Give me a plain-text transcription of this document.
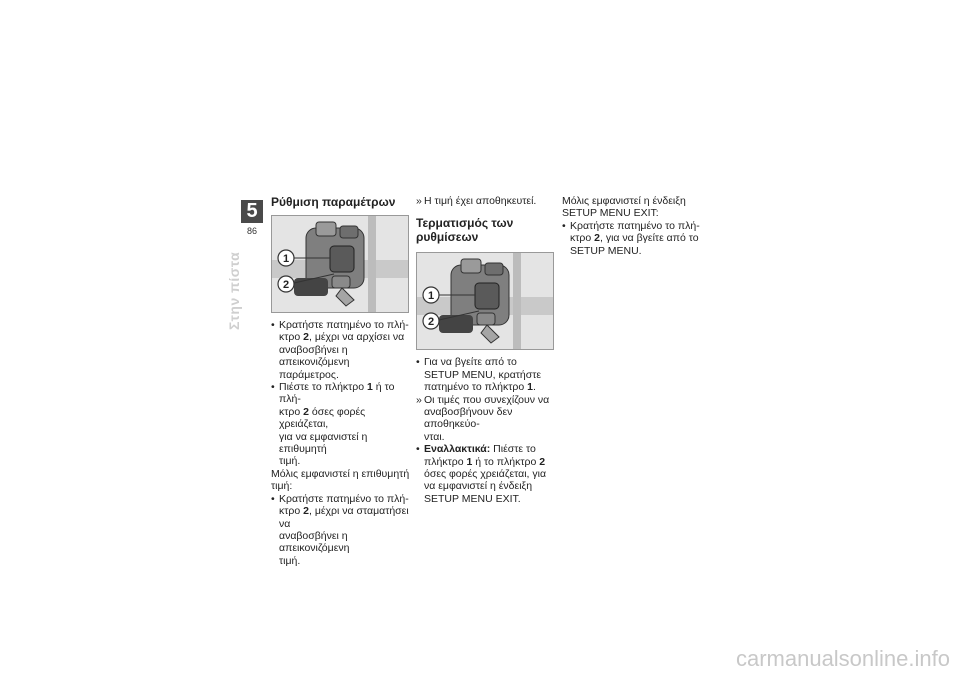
5
86
Στην πίστα
Ρύθμιση παραμέτρων
1
2
• Κρατήστε πατημένο το πλή-
κτρο 2, μέχρι να αρχίσει να
αναβοσβήνει η απεικονιζόμενη
παράμετρος.
• Πιέστε το πλήκτρο 1 ή το πλή-
κτρο 2 όσες φορές χρειάζεται,
για να εμφανιστεί η επιθυμητή
τιμή.
Μόλις εμφανιστεί η επιθυμητή
τιμή:
• Κρατήστε πατημένο το πλή-
κτρο 2, μέχρι να σταματήσει να
αναβοσβήνει η απεικονιζόμενη
τιμή.
» Η τιμή έχει αποθηκευτεί.
Τερματισμός των
ρυθμίσεων
1
2
• Για να βγείτε από το
SETUP MENU, κρατήστε
πατημένο το πλήκτρο 1.
» Οι τιμές που συνεχίζουν να
αναβοσβήνουν δεν αποθηκεύο-
νται.
• Εναλλακτικά: Πιέστε το
πλήκτρο 1 ή το πλήκτρο 2
όσες φορές χρειάζεται, για
να εμφανιστεί η ένδειξη
SETUP MENU EXIT.
Μόλις εμφανιστεί η ένδειξη
SETUP MENU EXIT:
• Κρατήστε πατημένο το πλή-
κτρο 2, για να βγείτε από το
SETUP MENU.
carmanualsonline.info
